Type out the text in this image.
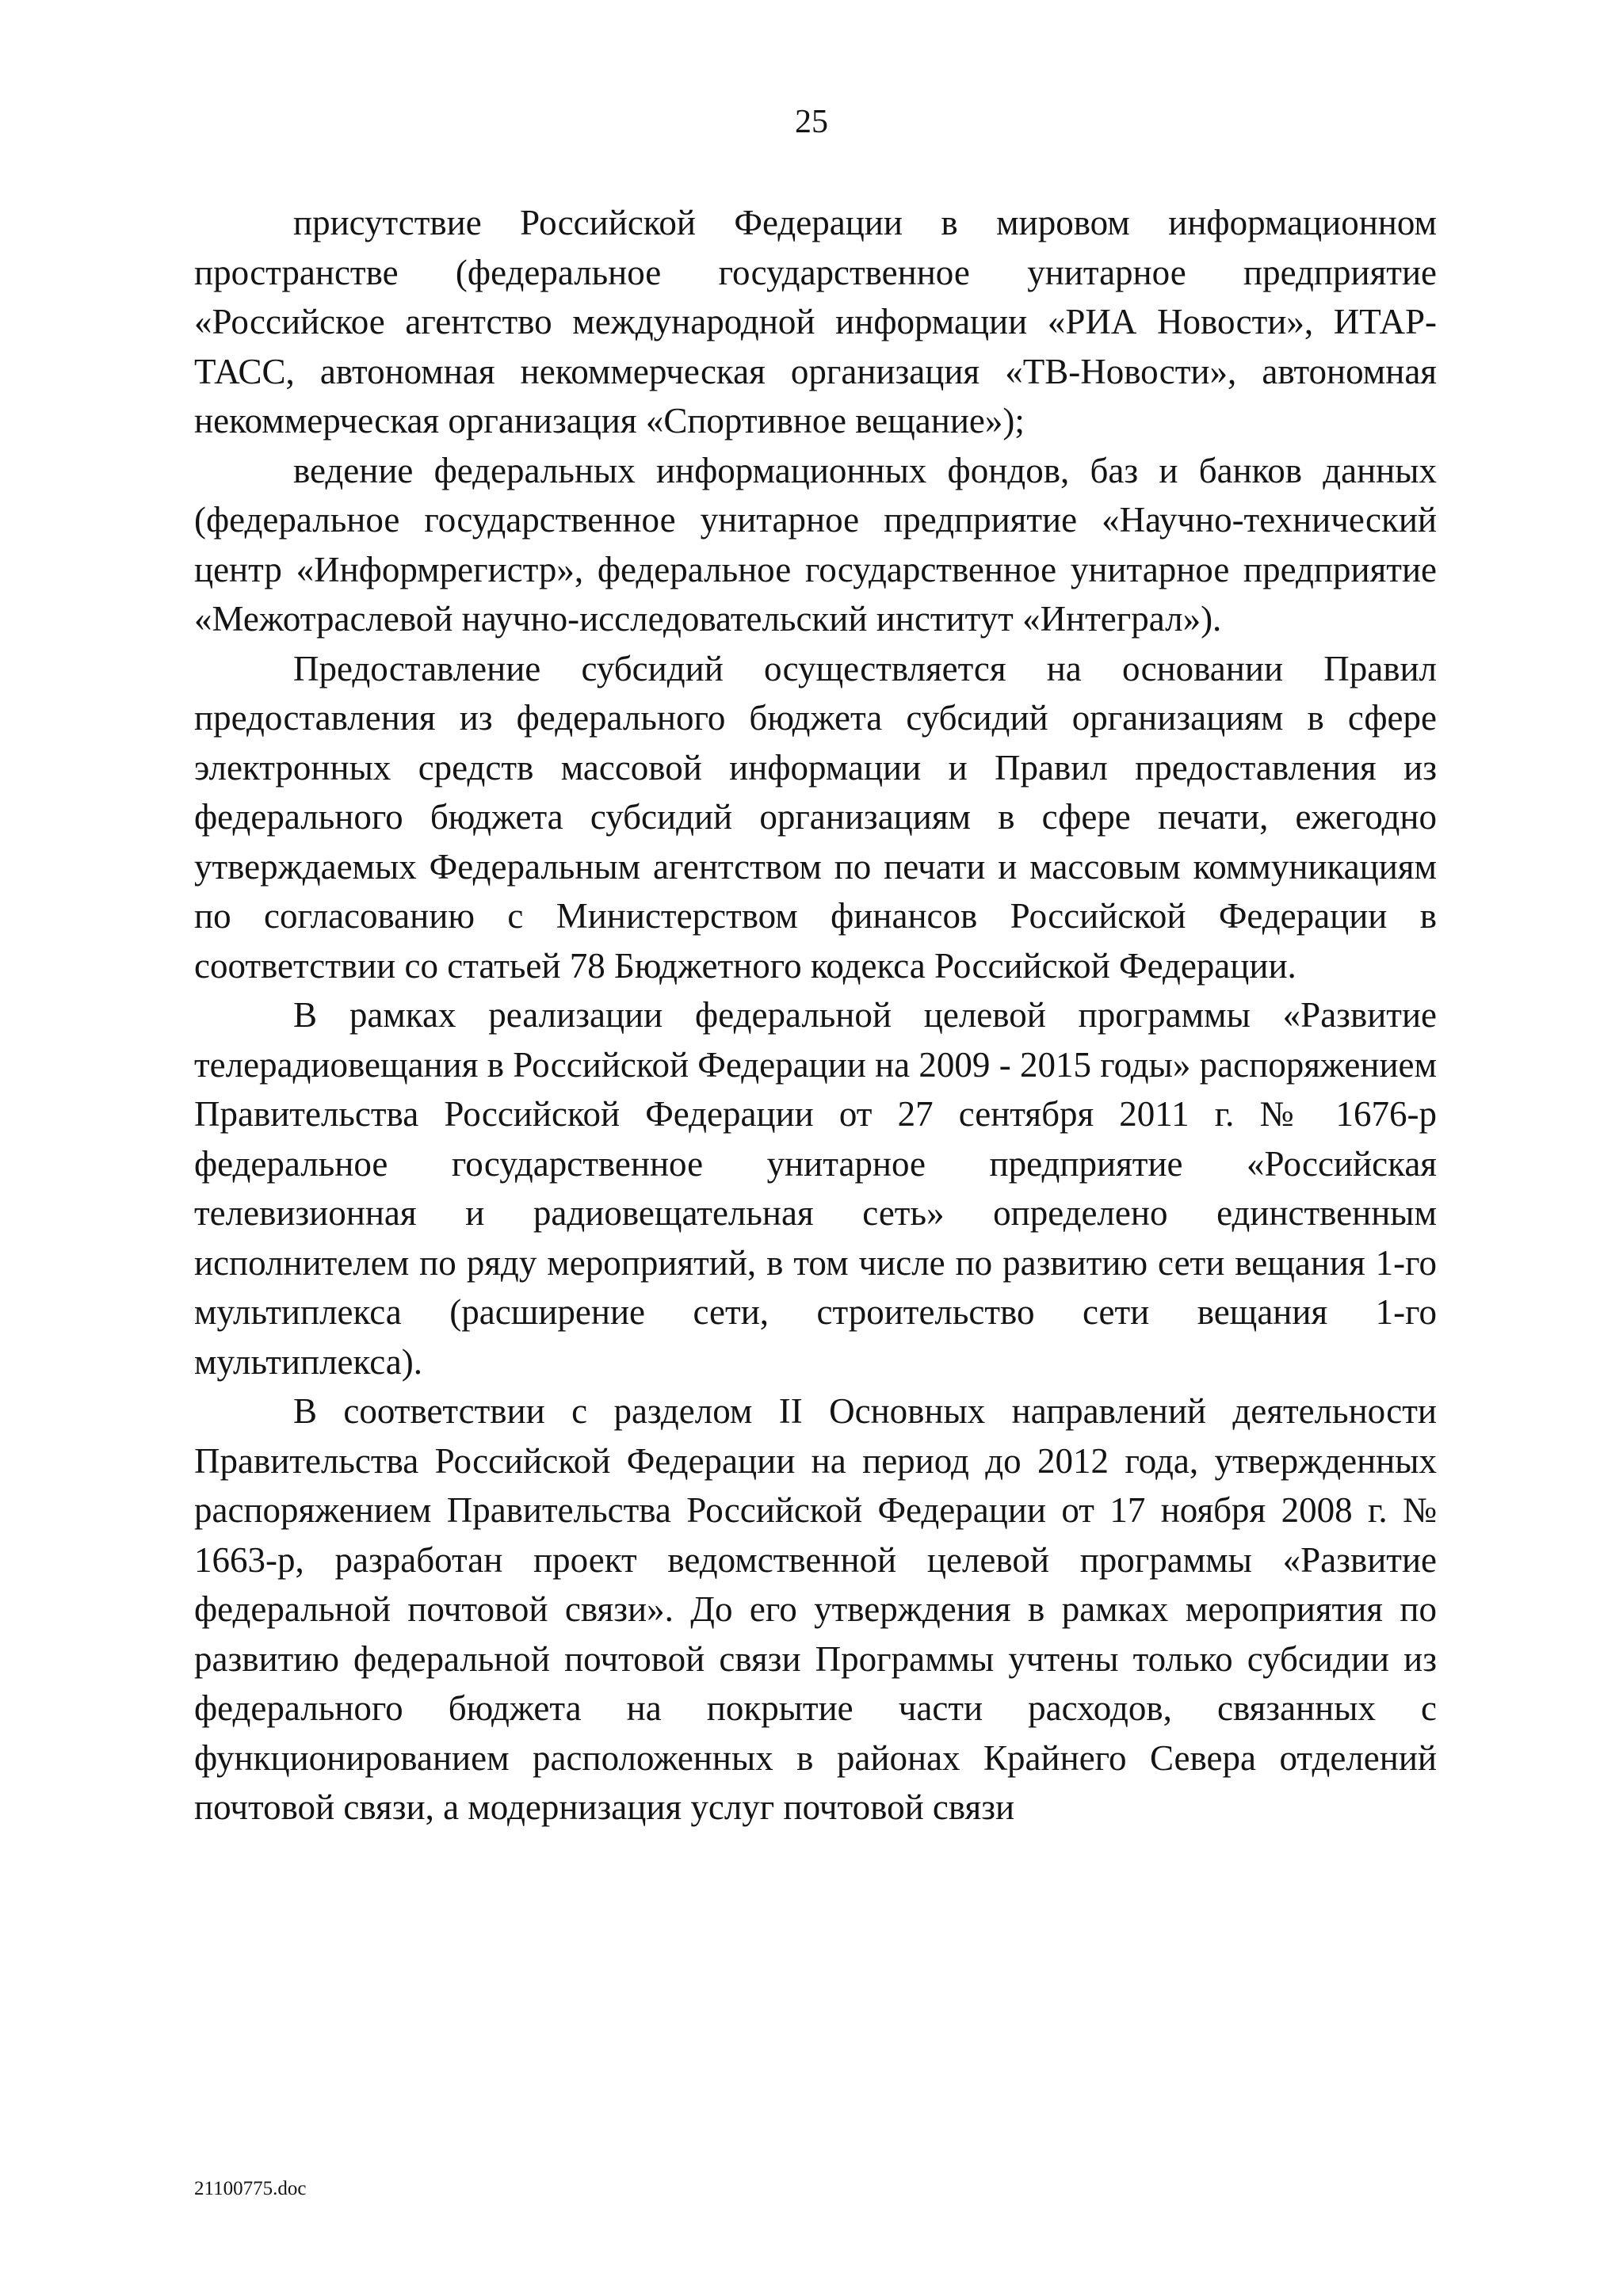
25

присутствие Российской Федерации в мировом информационном пространстве (федеральное государственное унитарное предприятие «Российское агентство международной информации «РИА Новости», ИТАР-ТАСС, автономная некоммерческая организация «ТВ-Новости», автономная некоммерческая организация «Спортивное вещание»);

ведение федеральных информационных фондов, баз и банков данных (федеральное государственное унитарное предприятие «Научно-технический центр «Информрегистр», федеральное государственное унитарное предприятие «Межотраслевой научно-исследовательский институт «Интеграл»).

Предоставление субсидий осуществляется на основании Правил предоставления из федерального бюджета субсидий организациям в сфере электронных средств массовой информации и Правил предоставления из федерального бюджета субсидий организациям в сфере печати, ежегодно утверждаемых Федеральным агентством по печати и массовым коммуникациям по согласованию с Министерством финансов Российской Федерации в соответствии со статьей 78 Бюджетного кодекса Российской Федерации.

В рамках реализации федеральной целевой программы «Развитие телерадиовещания в Российской Федерации на 2009 - 2015 годы» распоряжением Правительства Российской Федерации от 27 сентября 2011 г. № 1676-р федеральное государственное унитарное предприятие «Российская телевизионная и радиовещательная сеть» определено единственным исполнителем по ряду мероприятий, в том числе по развитию сети вещания 1-го мультиплекса (расширение сети, строительство сети вещания 1-го мультиплекса).

В соответствии с разделом II Основных направлений деятельности Правительства Российской Федерации на период до 2012 года, утвержденных распоряжением Правительства Российской Федерации от 17 ноября 2008 г. № 1663-р, разработан проект ведомственной целевой программы «Развитие федеральной почтовой связи». До его утверждения в рамках мероприятия по развитию федеральной почтовой связи Программы учтены только субсидии из федерального бюджета на покрытие части расходов, связанных с функционированием расположенных в районах Крайнего Севера отделений почтовой связи, а модернизация услуг почтовой связи

21100775.doc
